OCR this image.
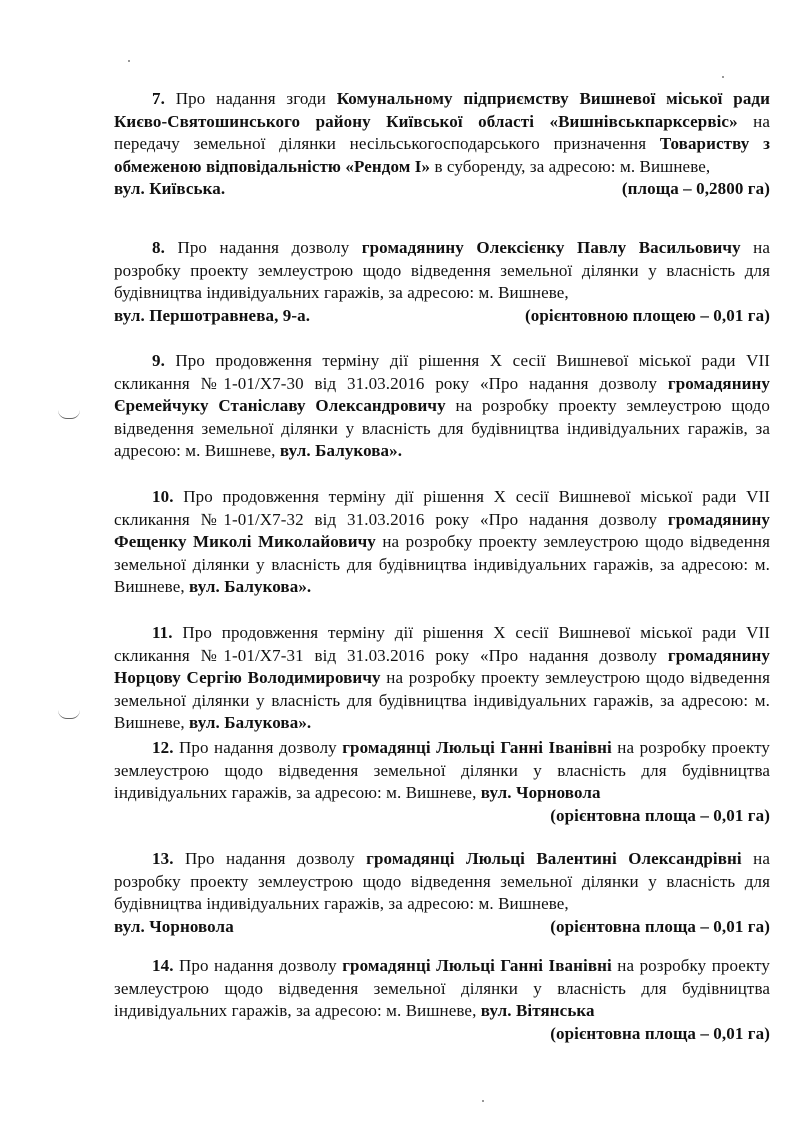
7. Про надання згоди Комунальному підприємству Вишневої міської ради Києво-Святошинського району Київської області «Вишнівськпарксервіс» на передачу земельної ділянки несільськогосподарського призначення Товариству з обмеженою відповідальністю «Рендом І» в суборенду, за адресою: м. Вишневе,
вул. Київська.	(площа – 0,2800 га)
8. Про надання дозволу громадянину Олексієнку Павлу Васильовичу на розробку проекту землеустрою щодо відведення земельної ділянки у власність для будівництва індивідуальних гаражів, за адресою: м. Вишневе,
вул. Першотравнева, 9-а.	(орієнтовною площею – 0,01 га)
9. Про продовження терміну дії рішення Х сесії Вишневої міської ради VII скликання №1-01/Х7-30 від 31.03.2016 року «Про надання дозволу громадянину Єремейчуку Станіславу Олександровичу на розробку проекту землеустрою щодо відведення земельної ділянки у власність для будівництва індивідуальних гаражів, за адресою: м. Вишневе, вул. Балукова».
10. Про продовження терміну дії рішення Х сесії Вишневої міської ради VII скликання №1-01/Х7-32 від 31.03.2016 року «Про надання дозволу громадянину Фещенку Миколі Миколайовичу на розробку проекту землеустрою щодо відведення земельної ділянки у власність для будівництва індивідуальних гаражів, за адресою: м. Вишневе, вул. Балукова».
11. Про продовження терміну дії рішення Х сесії Вишневої міської ради VII скликання №1-01/Х7-31 від 31.03.2016 року «Про надання дозволу громадянину Норцову Сергію Володимировичу на розробку проекту землеустрою щодо відведення земельної ділянки у власність для будівництва індивідуальних гаражів, за адресою: м. Вишневе, вул. Балукова».
12. Про надання дозволу громадянці Люльці Ганні Іванівні на розробку проекту землеустрою щодо відведення земельної ділянки у власність для будівництва індивідуальних гаражів, за адресою: м. Вишневе, вул. Чорновола
(орієнтовна площа – 0,01 га)
13. Про надання дозволу громадянці Люльці Валентині Олександрівні на розробку проекту землеустрою щодо відведення земельної ділянки у власність для будівництва індивідуальних гаражів, за адресою: м. Вишневе,
вул. Чорновола	(орієнтовна площа – 0,01 га)
14. Про надання дозволу громадянці Люльці Ганні Іванівні на розробку проекту землеустрою щодо відведення земельної ділянки у власність для будівництва індивідуальних гаражів, за адресою: м. Вишневе, вул. Вітянська
(орієнтовна площа – 0,01 га)
